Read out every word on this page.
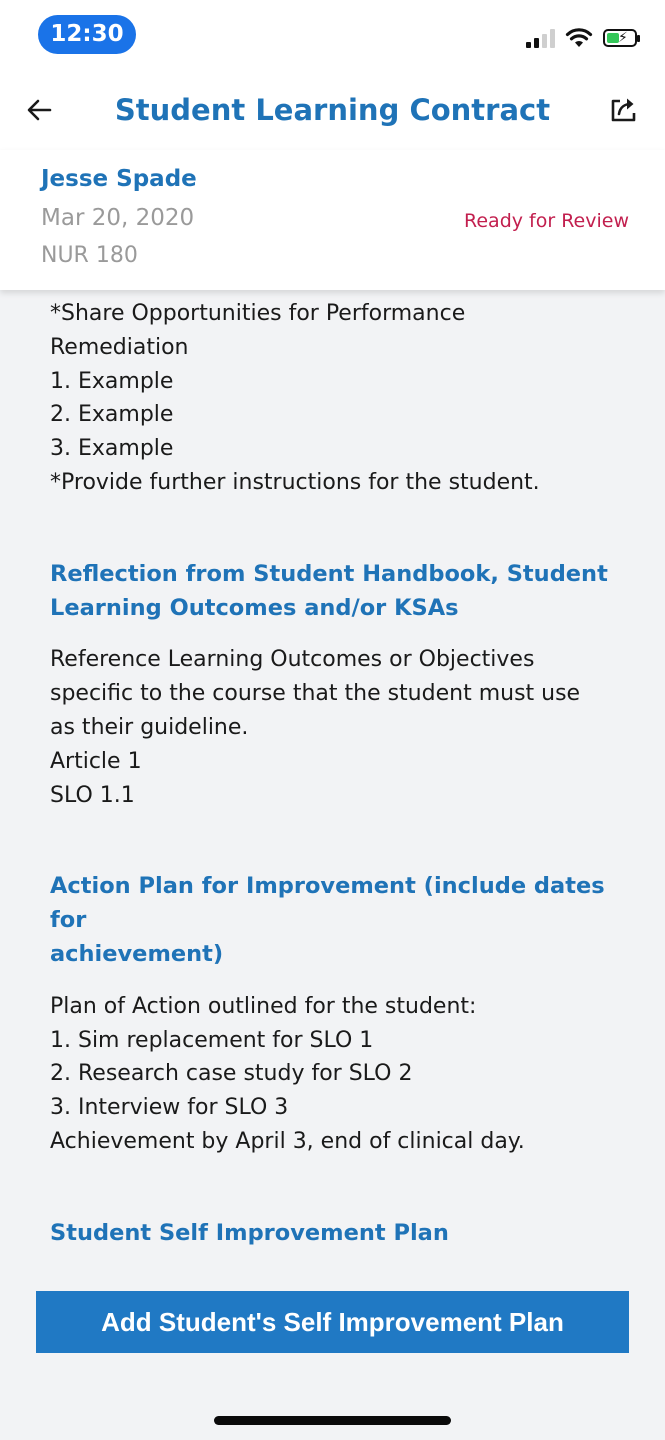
12:30	⚡
Student Learning Contract
Jesse Spade
Mar 20, 2020
NUR 180
Ready for Review
*Share Opportunities for Performance
Remediation
1. Example
2. Example
3. Example
*Provide further instructions for the student.
Reflection from Student Handbook, Student
Learning Outcomes and/or KSAs
Reference Learning Outcomes or Objectives
specific to the course that the student must use
as their guideline.
Article 1
SLO 1.1
Action Plan for Improvement (include dates for
achievement)
Plan of Action outlined for the student:
1. Sim replacement for SLO 1
2. Research case study for SLO 2
3. Interview for SLO 3
Achievement by April 3, end of clinical day.
Student Self Improvement Plan
Add Student's Self Improvement Plan
